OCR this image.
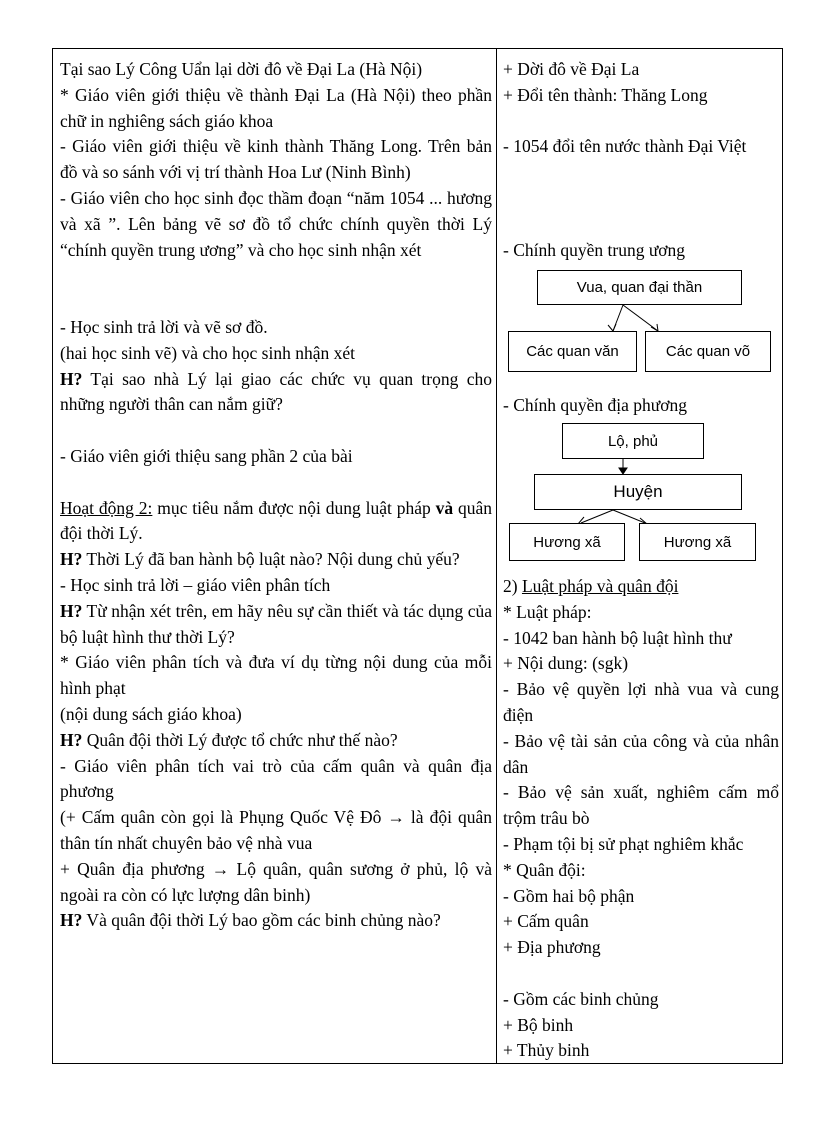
Tại sao Lý Công Uẩn lại dời đô về Đại La (Hà Nội)

* Giáo viên giới thiệu về thành Đại La (Hà Nội) theo phần chữ in nghiêng sách giáo khoa

- Giáo viên giới thiệu về kinh thành Thăng Long. Trên bản đồ và so sánh với vị trí thành Hoa Lư (Ninh Bình)

- Giáo viên cho học sinh đọc thầm đoạn “năm 1054 ... hương và xã ”. Lên bảng vẽ sơ đồ tổ chức chính quyền thời Lý “chính quyền trung ương” và cho học sinh nhận xét

- Học sinh trả lời và vẽ sơ đồ.

(hai học sinh vẽ) và cho học sinh nhận xét

H? Tại sao nhà Lý lại giao các chức vụ quan trọng cho những người thân can nắm giữ?

- Giáo viên giới thiệu sang phần 2 của bài

Hoạt động 2: mục tiêu nắm được nội dung luật pháp và quân đội thời Lý.

H? Thời Lý đã ban hành bộ luật nào? Nội dung chủ yếu?

- Học sinh trả lời – giáo viên phân tích

H? Từ nhận xét trên, em hãy nêu sự cần thiết và tác dụng của bộ luật hình thư thời Lý?

* Giáo viên phân tích và đưa ví dụ từng nội dung của mỗi hình phạt

(nội dung sách giáo khoa)

H? Quân đội thời Lý được tổ chức như thế nào?

- Giáo viên phân tích vai trò của cấm quân và quân địa phương

(+ Cấm quân còn gọi là Phụng Quốc Vệ Đô → là đội quân thân tín nhất chuyên bảo vệ nhà vua

+ Quân địa phương → Lộ quân, quân sương ở phủ, lộ và ngoài ra còn có lực lượng dân binh)

H? Và quân đội thời Lý bao gồm các binh chủng nào?

+ Dời đô về Đại La

+ Đổi tên thành: Thăng Long

- 1054 đổi tên nước thành Đại Việt

- Chính quyền trung ương

- Chính quyền địa phương

2) Luật pháp và quân đội

* Luật pháp:

- 1042 ban hành bộ luật hình thư

+ Nội dung: (sgk)

- Bảo vệ quyền lợi nhà vua và cung điện

- Bảo vệ tài sản của công và của nhân dân

- Bảo vệ sản xuất, nghiêm cấm mổ trộm trâu bò

- Phạm tội bị sử phạt nghiêm khắc

* Quân đội:

- Gồm hai bộ phận

+ Cấm quân

+ Địa phương

- Gồm các binh chủng

+ Bộ binh

+ Thủy binh

Vua, quan đại thần
Các quan văn	Các quan võ
Lộ, phủ
Huyện
Hương xã	Hương xã
